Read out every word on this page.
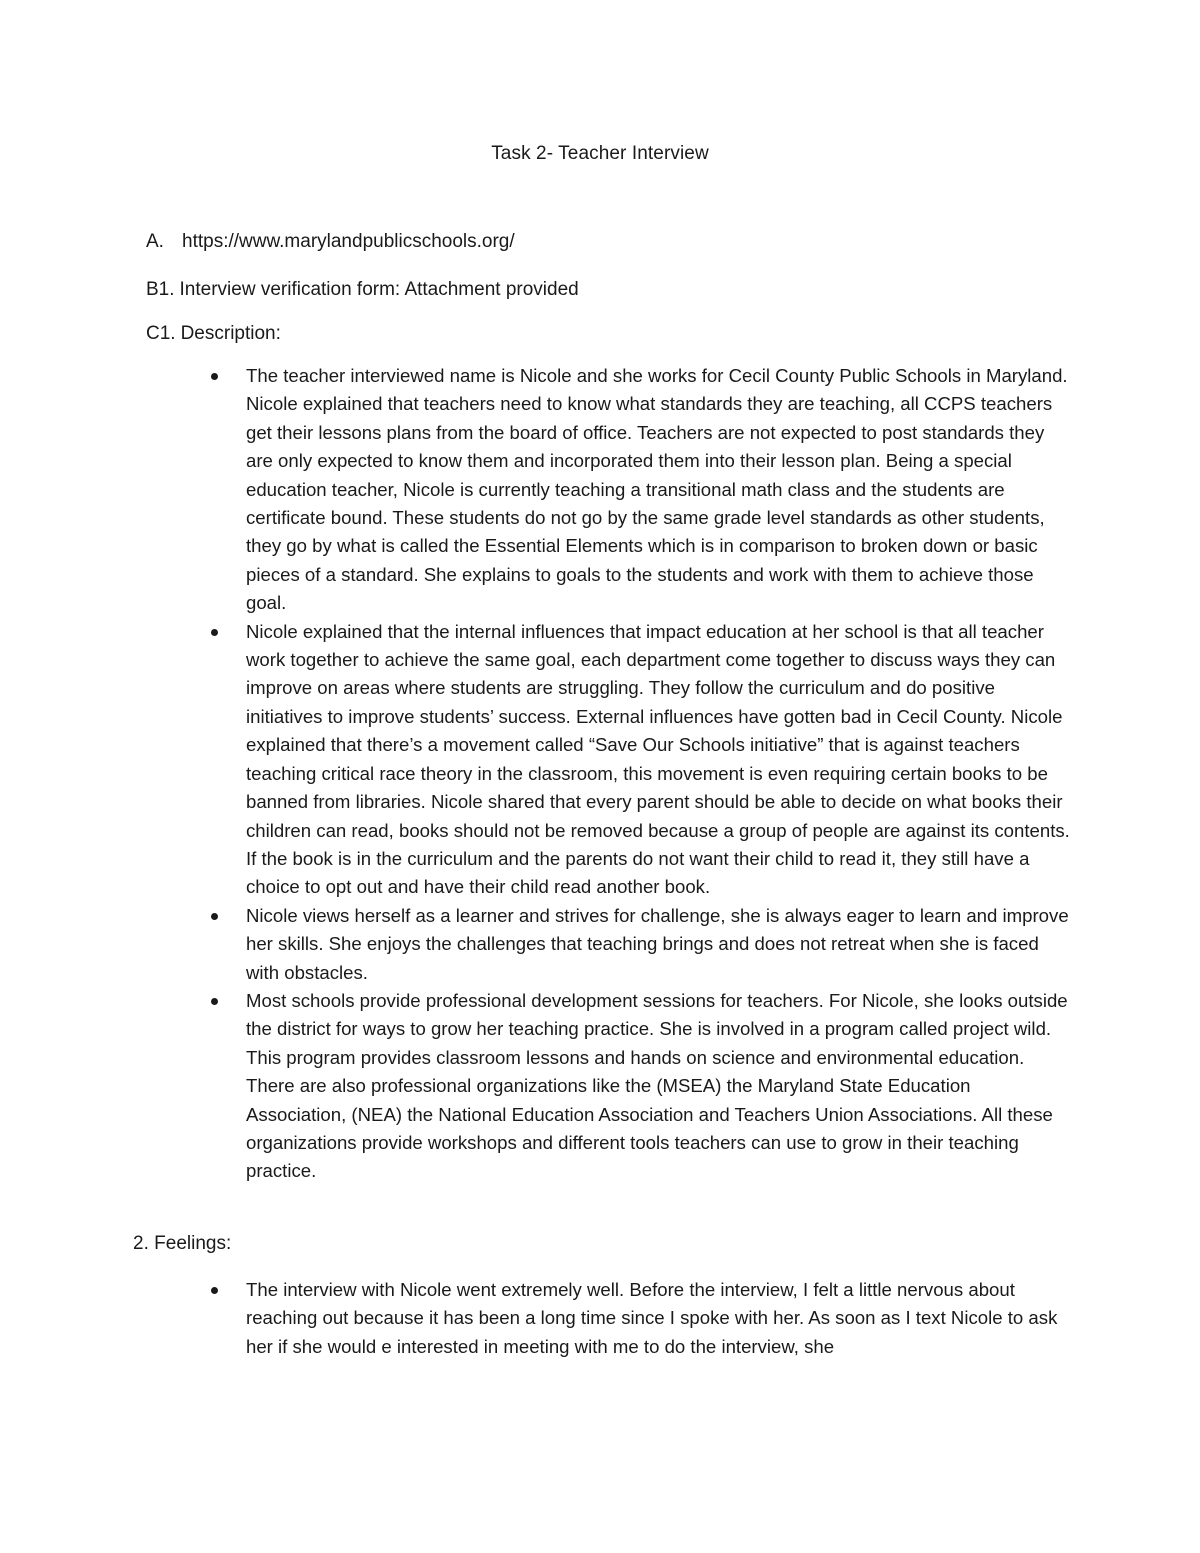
Task 2- Teacher Interview
A. https://www.marylandpublicschools.org/
B1. Interview verification form: Attachment provided
C1. Description:
The teacher interviewed name is Nicole and she works for Cecil County Public Schools in Maryland. Nicole explained that teachers need to know what standards they are teaching, all CCPS teachers get their lessons plans from the board of office. Teachers are not expected to post standards they are only expected to know them and incorporated them into their lesson plan. Being a special education teacher, Nicole is currently teaching a transitional math class and the students are certificate bound. These students do not go by the same grade level standards as other students, they go by what is called the Essential Elements which is in comparison to broken down or basic pieces of a standard. She explains to goals to the students and work with them to achieve those goal.
Nicole explained that the internal influences that impact education at her school is that all teacher work together to achieve the same goal, each department come together to discuss ways they can improve on areas where students are struggling. They follow the curriculum and do positive initiatives to improve students’ success. External influences have gotten bad in Cecil County. Nicole explained that there’s a movement called “Save Our Schools initiative” that is against teachers teaching critical race theory in the classroom, this movement is even requiring certain books to be banned from libraries. Nicole shared that every parent should be able to decide on what books their children can read, books should not be removed because a group of people are against its contents. If the book is in the curriculum and the parents do not want their child to read it, they still have a choice to opt out and have their child read another book.
Nicole views herself as a learner and strives for challenge, she is always eager to learn and improve her skills. She enjoys the challenges that teaching brings and does not retreat when she is faced with obstacles.
Most schools provide professional development sessions for teachers. For Nicole, she looks outside the district for ways to grow her teaching practice. She is involved in a program called project wild. This program provides classroom lessons and hands on science and environmental education. There are also professional organizations like the (MSEA) the Maryland State Education Association, (NEA) the National Education Association and Teachers Union Associations. All these organizations provide workshops and different tools teachers can use to grow in their teaching practice.
2. Feelings:
The interview with Nicole went extremely well. Before the interview, I felt a little nervous about reaching out because it has been a long time since I spoke with her. As soon as I text Nicole to ask her if she would e interested in meeting with me to do the interview, she
